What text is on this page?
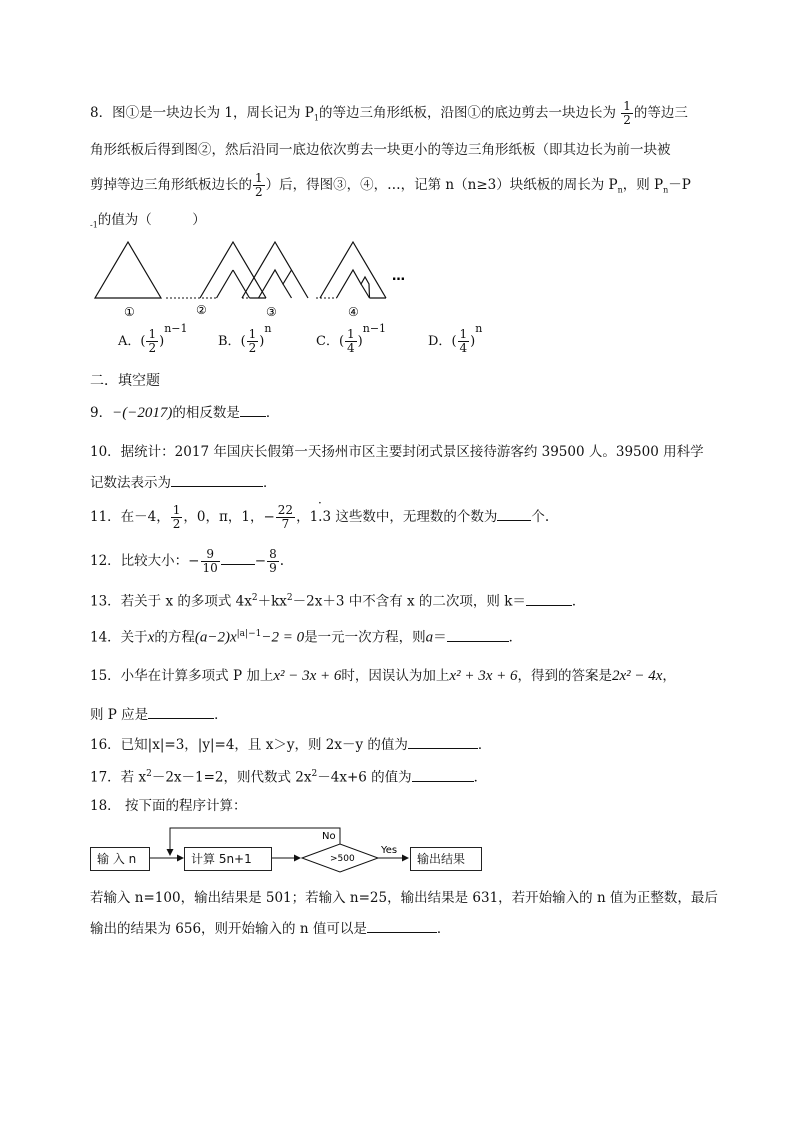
8．图①是一块边长为 1，周长记为 $P_1$的等边三角形纸板，沿图①的底边剪去一块边长为 $\frac{1}{2}$ 的等边三
角形纸板后得到图②，然后沿同一底边依次剪去一块更小的等边三角形纸板（即其边长为前一块被
剪掉等边三角形纸板边长的 $\frac{1}{2}$ ）后，得图③，④，…，记第 n（n≥3）块纸板的周长为 $P_n$，则 $P_n-P$
$_{-1}$的值为（　　　）
…
①	②	③	④
A．( $\frac{1}{2} )^{n-1}$
B．( $\frac{1}{2} )^n$
C．( $\frac{1}{4} )^{n-1}$
D．( $\frac{1}{4} )^n$
二．填空题
9．−(−2017)的相反数是 ．
10．据统计：2017 年国庆长假第一天扬州市区主要封闭式景区接待游客约 39500 人。39500 用科学
记数法表示为	．
11．在－4， $\frac{1}{2}$ ，0，π，1，− $\frac{22}{7}$ ，1.3 这些数中，无理数的个数为	个.
·
12．比较大小：− $\frac{9}{10}$	− $\frac{8}{9}$ .
13．若关于 x 的多项式 $4x^2+kx^2-2x+3$ 中不含有 x 的二次项，则 k＝	．
14．关于x的方程$(a-2)x^{|a|-1}-2 = 0$是一元一次方程，则a＝	．
15．小华在计算多项式 P 加上x² − 3x + 6时，因误认为加上x² + 3x + 6，得到的答案是2x² − 4x，
则 P 应是	．
16．已知|x|=3，|y|=4，且 x＞y，则 2x－y 的值为	．
17．若 $x^2-2x-1=2$，则代数式 $2x^2-4x+6$ 的值为	．
18． 按下面的程序计算：
>500
No
Yes
输 入 n	计算 5n+1	输出结果
若输入 n=100，输出结果是 501；若输入 n=25，输出结果是 631，若开始输入的 n 值为正整数，最后
输出的结果为 656，则开始输入的 n 值可以是	．
